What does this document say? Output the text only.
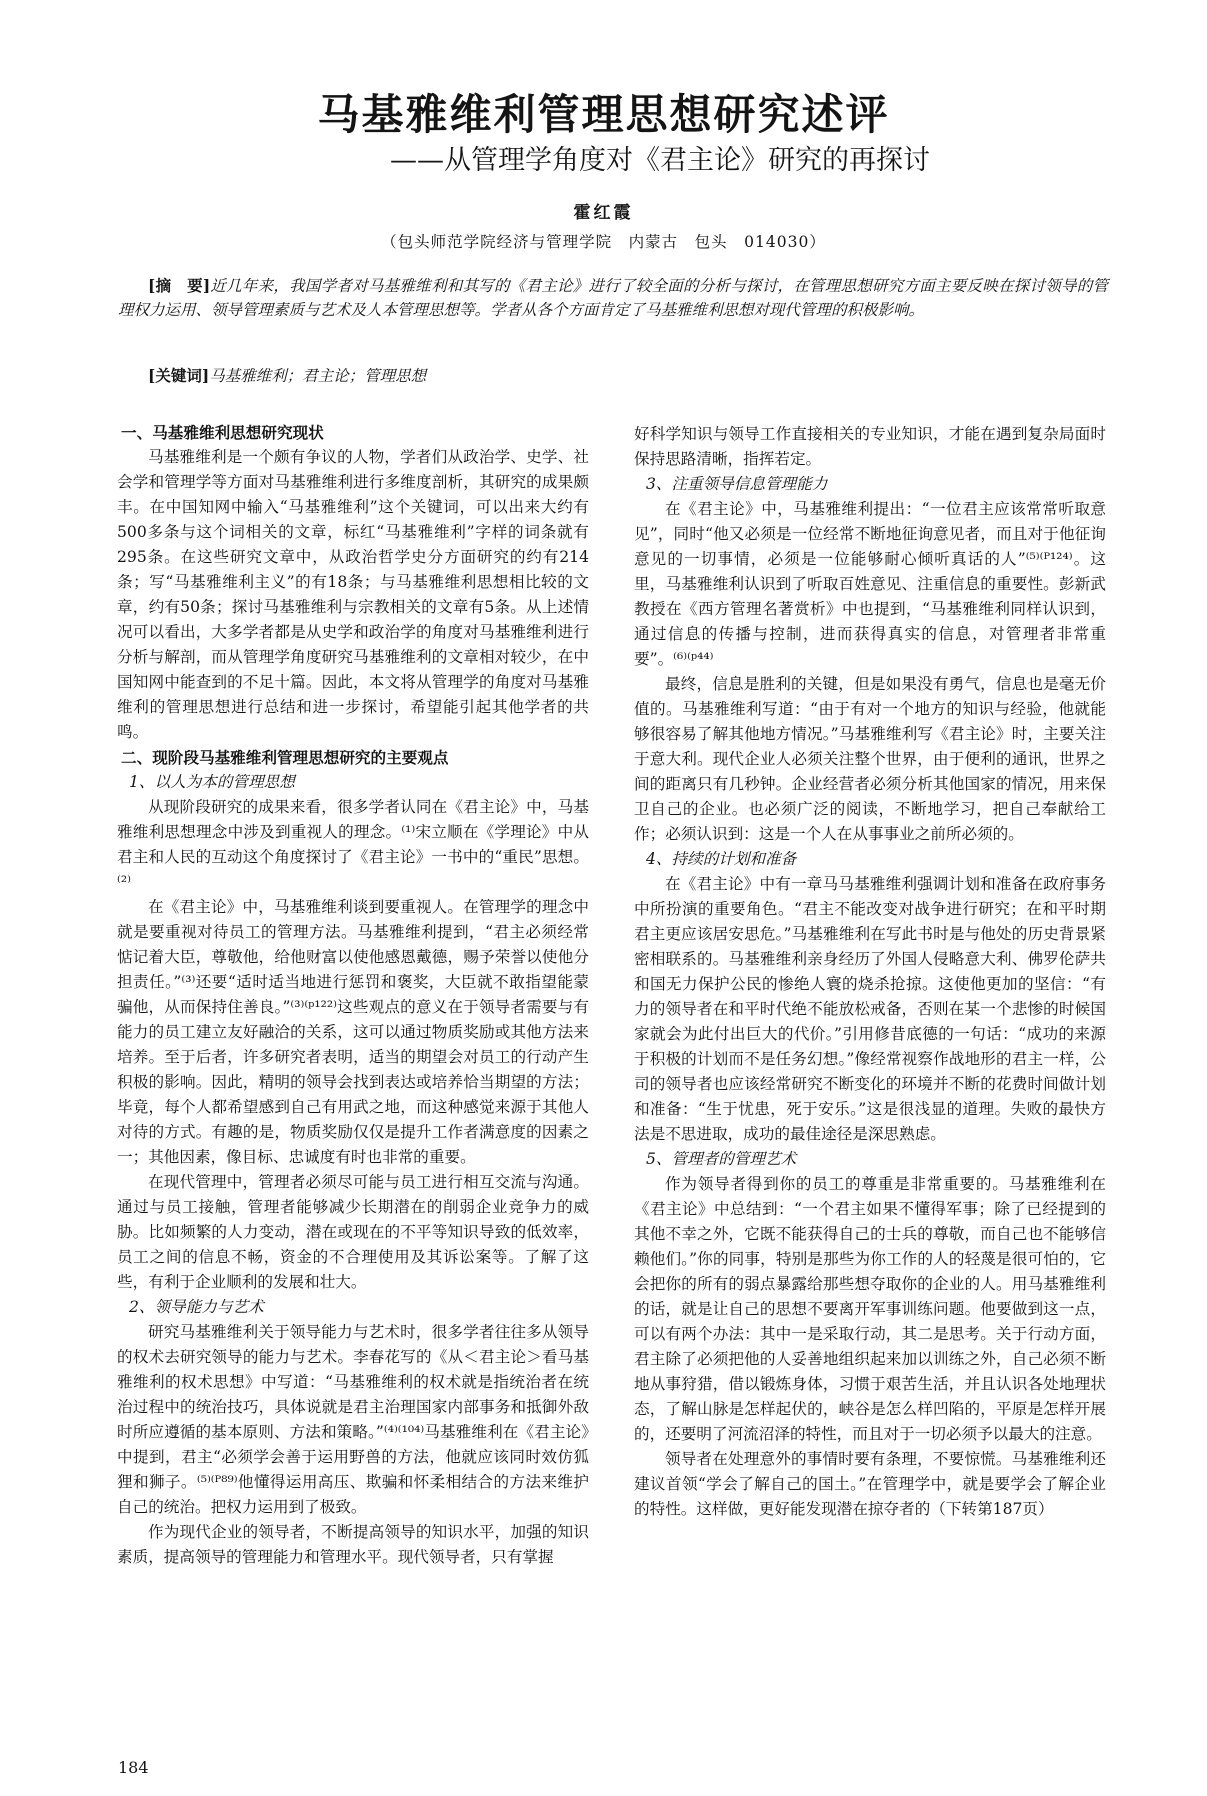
马基雅维利管理思想研究述评
——从管理学角度对《君主论》研究的再探讨
霍红霞
（包头师范学院经济与管理学院　内蒙古　包头　014030）
[摘　要]近几年来，我国学者对马基雅维利和其写的《君主论》进行了较全面的分析与探讨，在管理思想研究方面主要反映在探讨领导的管理权力运用、领导管理素质与艺术及人本管理思想等。学者从各个方面肯定了马基雅维利思想对现代管理的积极影响。
[关键词]马基雅维利；君主论；管理思想

一、马基雅维利思想研究现状

马基雅维利是一个颇有争议的人物，学者们从政治学、史学、社会学和管理学等方面对马基雅维利进行多维度剖析，其研究的成果颇丰。在中国知网中输入“马基雅维利”这个关键词，可以出来大约有500多条与这个词相关的文章，标红“马基雅维利”字样的词条就有295条。在这些研究文章中，从政治哲学史分方面研究的约有214条；写“马基雅维利主义”的有18条；与马基雅维利思想相比较的文章，约有50条；探讨马基雅维利与宗教相关的文章有5条。从上述情况可以看出，大多学者都是从史学和政治学的角度对马基雅维利进行分析与解剖，而从管理学角度研究马基雅维利的文章相对较少，在中国知网中能查到的不足十篇。因此，本文将从管理学的角度对马基雅维利的管理思想进行总结和进一步探讨，希望能引起其他学者的共鸣。

二、现阶段马基雅维利管理思想研究的主要观点

1、以人为本的管理思想

从现阶段研究的成果来看，很多学者认同在《君主论》中，马基雅维利思想理念中涉及到重视人的理念。⁽¹⁾宋立顺在《学理论》中从君主和人民的互动这个角度探讨了《君主论》一书中的“重民”思想。⁽²⁾

在《君主论》中，马基雅维利谈到要重视人。在管理学的理念中就是要重视对待员工的管理方法。马基雅维利提到，“君主必须经常惦记着大臣，尊敬他，给他财富以使他感恩戴德，赐予荣誉以使他分担责任。”⁽³⁾还要“适时适当地进行惩罚和褒奖，大臣就不敢指望能蒙骗他，从而保持住善良。”⁽³⁾⁽ᵖ¹²²⁾这些观点的意义在于领导者需要与有能力的员工建立友好融洽的关系，这可以通过物质奖励或其他方法来培养。至于后者，许多研究者表明，适当的期望会对员工的行动产生积极的影响。因此，精明的领导会找到表达或培养恰当期望的方法；毕竟，每个人都希望感到自己有用武之地，而这种感觉来源于其他人对待的方式。有趣的是，物质奖励仅仅是提升工作者满意度的因素之一；其他因素，像目标、忠诚度有时也非常的重要。

在现代管理中，管理者必须尽可能与员工进行相互交流与沟通。通过与员工接触，管理者能够减少长期潜在的削弱企业竞争力的威胁。比如频繁的人力变动，潜在或现在的不平等知识导致的低效率，员工之间的信息不畅，资金的不合理使用及其诉讼案等。了解了这些，有利于企业顺利的发展和壮大。

2、领导能力与艺术

研究马基雅维利关于领导能力与艺术时，很多学者往往多从领导的权术去研究领导的能力与艺术。李春花写的《从＜君主论＞看马基雅维利的权术思想》中写道：“马基雅维利的权术就是指统治者在统治过程中的统治技巧，具体说就是君主治理国家内部事务和抵御外敌时所应遵循的基本原则、方法和策略。”⁽⁴⁾⁽¹⁰⁴⁾马基雅维利在《君主论》中提到，君主“必须学会善于运用野兽的方法，他就应该同时效仿狐狸和狮子。⁽⁵⁾⁽ᴾ⁸⁹⁾他懂得运用高压、欺骗和怀柔相结合的方法来维护自己的统治。把权力运用到了极致。

作为现代企业的领导者，不断提高领导的知识水平，加强的知识素质，提高领导的管理能力和管理水平。现代领导者，只有掌握

好科学知识与领导工作直接相关的专业知识，才能在遇到复杂局面时保持思路清晰，指挥若定。

3、注重领导信息管理能力

在《君主论》中，马基雅维利提出：“一位君主应该常常听取意见”，同时“他又必须是一位经常不断地征询意见者，而且对于他征询意见的一切事情，必须是一位能够耐心倾听真话的人”⁽⁵⁾⁽ᴾ¹²⁴⁾。这里，马基雅维利认识到了听取百姓意见、注重信息的重要性。彭新武教授在《西方管理名著赏析》中也提到，“马基雅维利同样认识到，通过信息的传播与控制，进而获得真实的信息，对管理者非常重要”。⁽⁶⁾⁽ᵖ⁴⁴⁾

最终，信息是胜利的关键，但是如果没有勇气，信息也是毫无价值的。马基雅维利写道：“由于有对一个地方的知识与经验，他就能够很容易了解其他地方情况。”马基雅维利写《君主论》时，主要关注于意大利。现代企业人必须关注整个世界，由于便利的通讯，世界之间的距离只有几秒钟。企业经营者必须分析其他国家的情况，用来保卫自己的企业。也必须广泛的阅读，不断地学习，把自己奉献给工作；必须认识到：这是一个人在从事事业之前所必须的。

4、持续的计划和准备

在《君主论》中有一章马马基雅维利强调计划和准备在政府事务中所扮演的重要角色。“君主不能改变对战争进行研究；在和平时期君主更应该居安思危。”马基雅维利在写此书时是与他处的历史背景紧密相联系的。马基雅维利亲身经历了外国人侵略意大利、佛罗伦萨共和国无力保护公民的惨绝人寰的烧杀抢掠。这使他更加的坚信：“有力的领导者在和平时代绝不能放松戒备，否则在某一个悲惨的时候国家就会为此付出巨大的代价。”引用修昔底德的一句话：“成功的来源于积极的计划而不是任务幻想。”像经常视察作战地形的君主一样，公司的领导者也应该经常研究不断变化的环境并不断的花费时间做计划和准备：“生于忧患，死于安乐。”这是很浅显的道理。失败的最快方法是不思进取，成功的最佳途径是深思熟虑。

5、管理者的管理艺术

作为领导者得到你的员工的尊重是非常重要的。马基雅维利在《君主论》中总结到：“一个君主如果不懂得军事；除了已经提到的其他不幸之外，它既不能获得自己的士兵的尊敬，而自己也不能够信赖他们。”你的同事，特别是那些为你工作的人的轻蔑是很可怕的，它会把你的所有的弱点暴露给那些想夺取你的企业的人。用马基雅维利的话，就是让自己的思想不要离开军事训练问题。他要做到这一点，可以有两个办法：其中一是采取行动，其二是思考。关于行动方面，君主除了必须把他的人妥善地组织起来加以训练之外，自己必须不断地从事狩猎，借以锻炼身体，习惯于艰苦生活，并且认识各处地理状态，了解山脉是怎样起伏的，峡谷是怎么样凹陷的，平原是怎样开展的，还要明了河流沼泽的特性，而且对于一切必须予以最大的注意。

领导者在处理意外的事情时要有条理，不要惊慌。马基雅维利还建议首领“学会了解自己的国土。”在管理学中，就是要学会了解企业的特性。这样做，更好能发现潜在掠夺者的（下转第187页）

184
